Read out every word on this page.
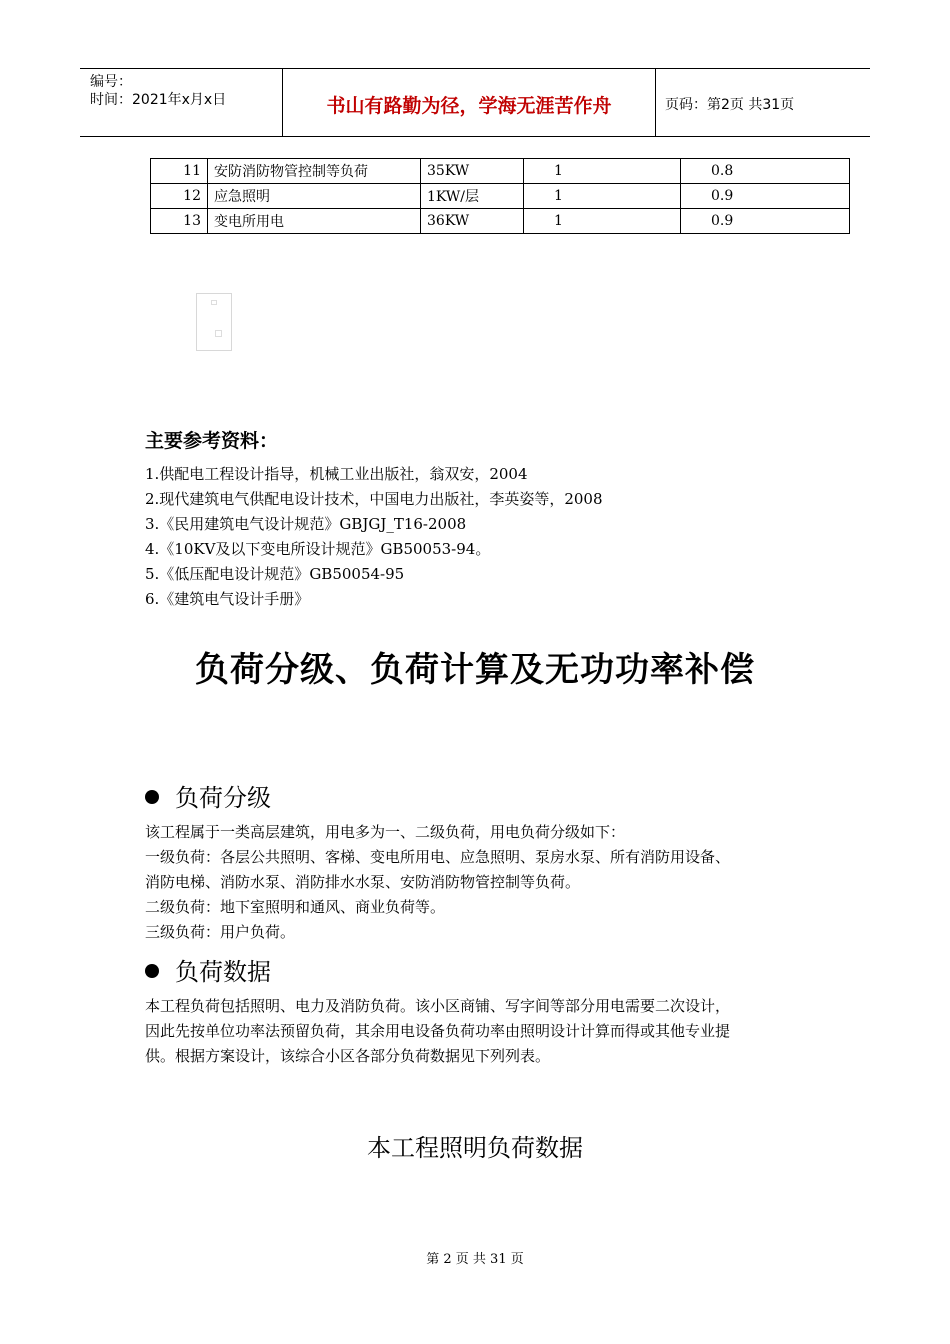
编号：
时间：2021年x月x日	书山有路勤为径，学海无涯苦作舟	页码：第2页 共31页
11	安防消防物管控制等负荷	35KW	1	0.8
12	应急照明	1KW/层	1	0.9
13	变电所用电	36KW	1	0.9
主要参考资料：
1.供配电工程设计指导，机械工业出版社，翁双安，2004
2.现代建筑电气供配电设计技术，中国电力出版社，李英姿等，2008
3.《民用建筑电气设计规范》GBJGJ_T16-2008
4.《10KV及以下变电所设计规范》GB50053-94。
5.《低压配电设计规范》GB50054-95
6.《建筑电气设计手册》
负荷分级、负荷计算及无功功率补偿
负荷分级
该工程属于一类高层建筑，用电多为一、二级负荷，用电负荷分级如下：
一级负荷：各层公共照明、客梯、变电所用电、应急照明、泵房水泵、所有消防用设备、
消防电梯、消防水泵、消防排水水泵、安防消防物管控制等负荷。
二级负荷：地下室照明和通风、商业负荷等。
三级负荷：用户负荷。
负荷数据
本工程负荷包括照明、电力及消防负荷。该小区商铺、写字间等部分用电需要二次设计，
因此先按单位功率法预留负荷，其余用电设备负荷功率由照明设计计算而得或其他专业提
供。根据方案设计，该综合小区各部分负荷数据见下列列表。
本工程照明负荷数据
第 2 页 共 31 页
